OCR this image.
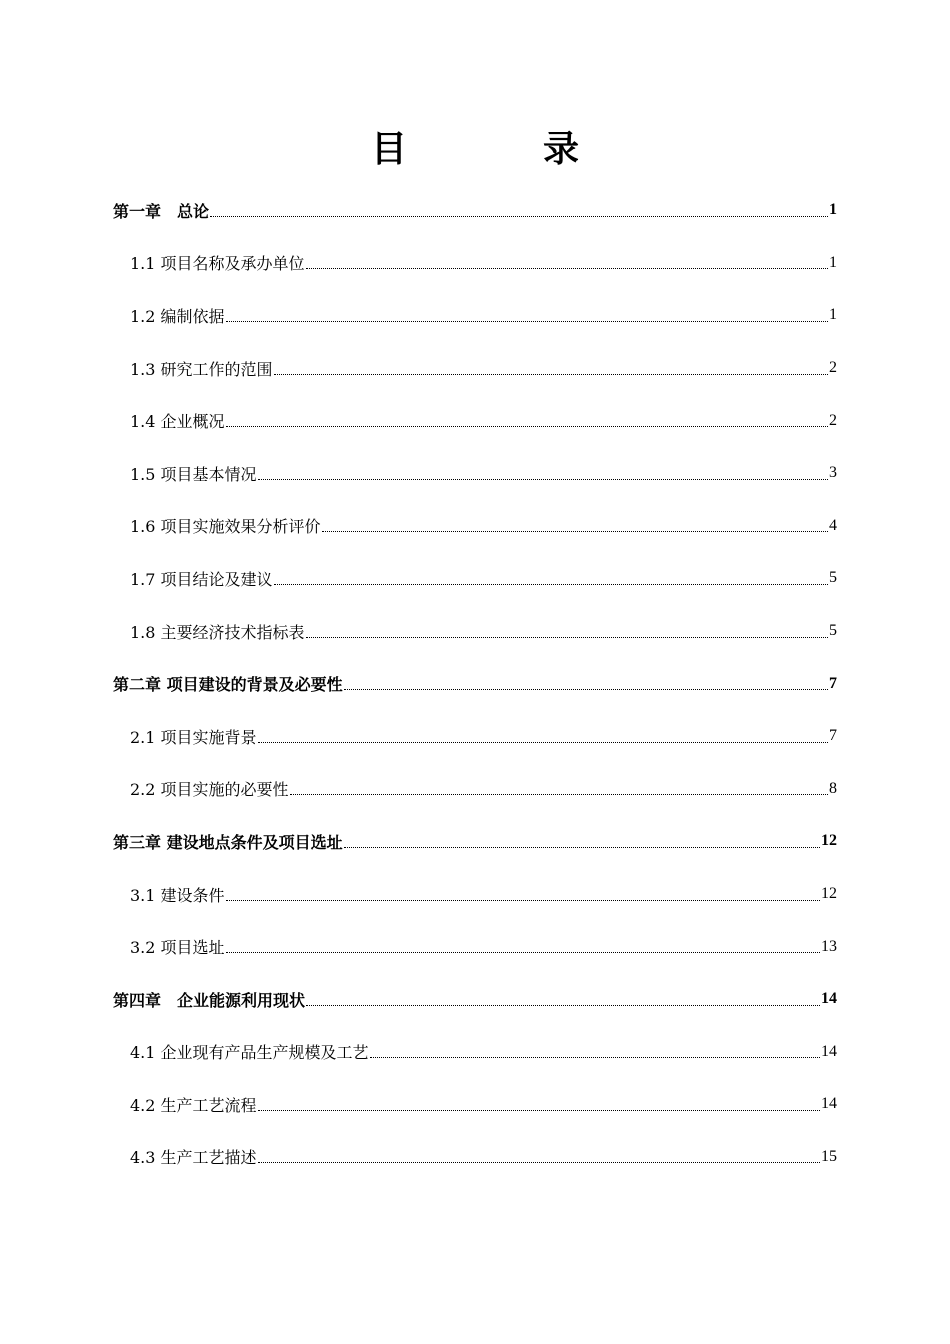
目　录
第一章　总论	1
1.1 项目名称及承办单位	1
1.2 编制依据	1
1.3 研究工作的范围	2
1.4 企业概况	2
1.5 项目基本情况	3
1.6 项目实施效果分析评价	4
1.7 项目结论及建议	5
1.8 主要经济技术指标表	5
第二章 项目建设的背景及必要性	7
2.1 项目实施背景	7
2.2 项目实施的必要性	8
第三章 建设地点条件及项目选址	12
3.1 建设条件	12
3.2 项目选址	13
第四章　企业能源利用现状	14
4.1 企业现有产品生产规模及工艺	14
4.2 生产工艺流程	14
4.3 生产工艺描述	15
